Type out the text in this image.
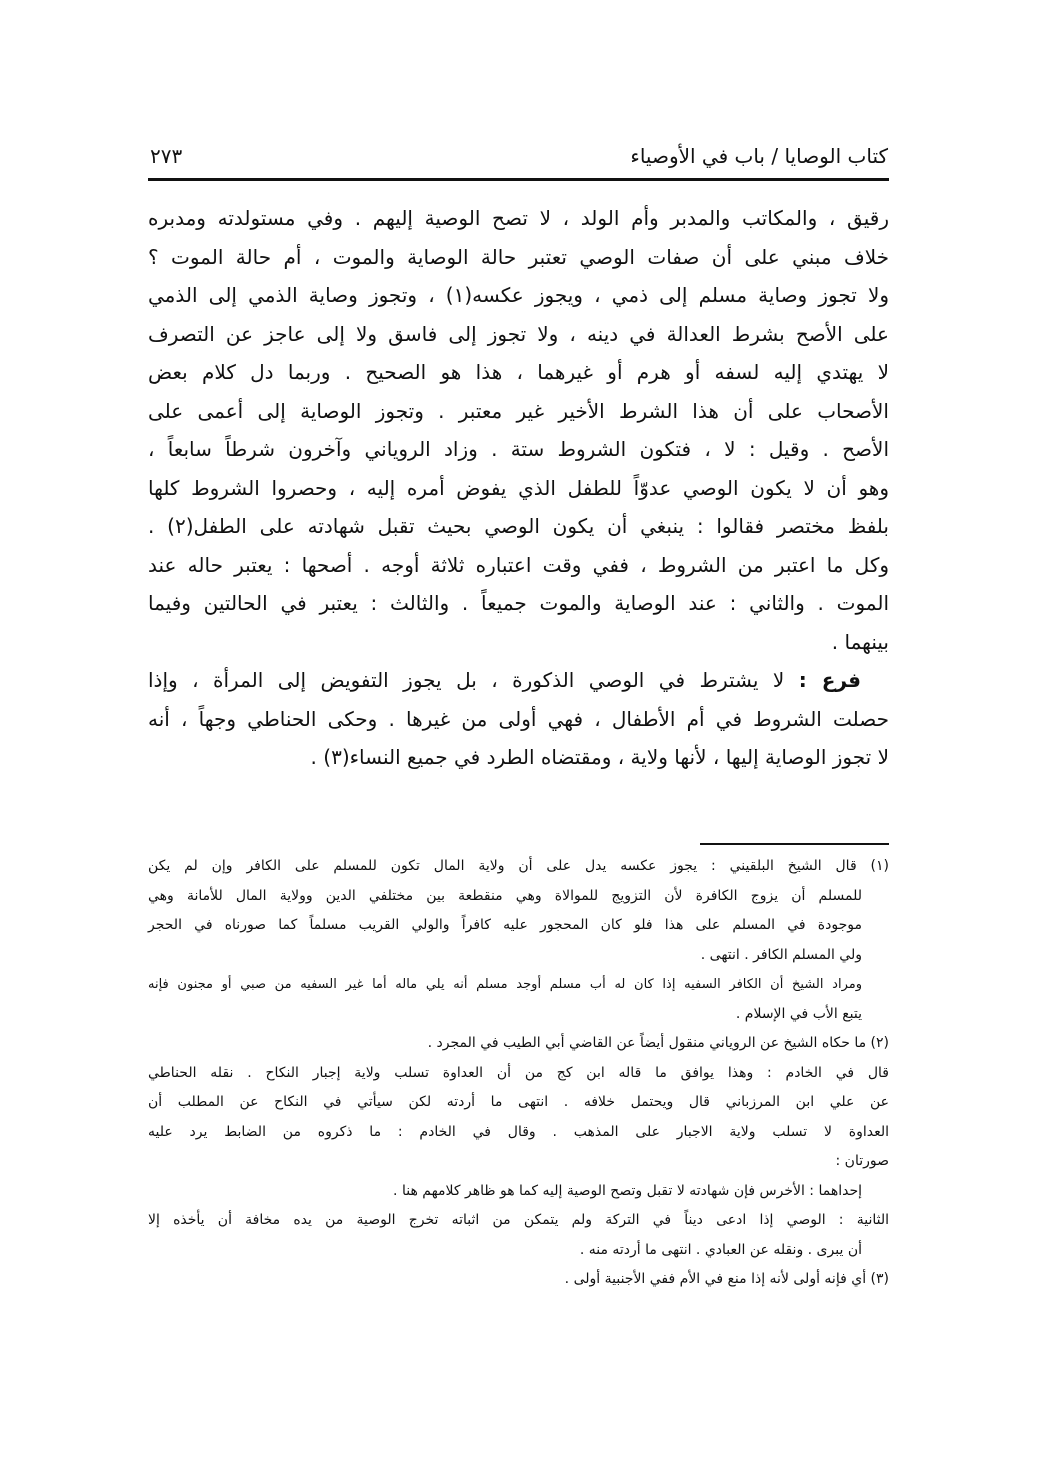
كتاب الوصايا / باب في الأوصياء
٢٧٣
رقيق ، والمكاتب والمدبر وأم الولد ، لا تصح الوصية إليهم . وفي مستولدته ومدبره
خلاف مبني على أن صفات الوصي تعتبر حالة الوصاية والموت ، أم حالة الموت ؟
ولا تجوز وصاية مسلم إلى ذمي ، ويجوز عكسه(١) ، وتجوز وصاية الذمي إلى الذمي
على الأصح بشرط العدالة في دينه ، ولا تجوز إلى فاسق ولا إلى عاجز عن التصرف
لا يهتدي إليه لسفه أو هرم أو غيرهما ، هذا هو الصحيح . وربما دل كلام بعض
الأصحاب على أن هذا الشرط الأخير غير معتبر . وتجوز الوصاية إلى أعمى على
الأصح . وقيل : لا ، فتكون الشروط ستة . وزاد الروياني وآخرون شرطاً سابعاً ،
وهو أن لا يكون الوصي عدوّاً للطفل الذي يفوض أمره إليه ، وحصروا الشروط كلها
بلفظ مختصر فقالوا : ينبغي أن يكون الوصي بحيث تقبل شهادته على الطفل(٢) .
وكل ما اعتبر من الشروط ، ففي وقت اعتباره ثلاثة أوجه . أصحها : يعتبر حاله عند
الموت . والثاني : عند الوصاية والموت جميعاً . والثالث : يعتبر في الحالتين وفيما
بينهما .
فرع : لا يشترط في الوصي الذكورة ، بل يجوز التفويض إلى المرأة ، وإذا
حصلت الشروط في أم الأطفال ، فهي أولى من غيرها . وحكى الحناطي وجهاً ، أنه
لا تجوز الوصاية إليها ، لأنها ولاية ، ومقتضاه الطرد في جميع النساء(٣) .
(١) قال الشيخ البلقيني : يجوز عكسه يدل على أن ولاية المال تكون للمسلم على الكافر وإن لم يكن
للمسلم أن يزوج الكافرة لأن التزويج للموالاة وهي منقطعة بين مختلفي الدين وولاية المال للأمانة وهي
موجودة في المسلم على هذا فلو كان المحجور عليه كافراً والولي القريب مسلماً كما صورناه في الحجر
ولي المسلم الكافر . انتهى .
ومراد الشيخ أن الكافر السفيه إذا كان له أب مسلم أوجد مسلم أنه يلي ماله أما غير السفيه من صبي أو مجنون فإنه
يتبع الأب في الإسلام .
(٢) ما حكاه الشيخ عن الروياني منقول أيضاً عن القاضي أبي الطيب في المجرد .
قال في الخادم : وهذا يوافق ما قاله ابن كج من أن العداوة تسلب ولاية إجبار النكاح . نقله الحناطي
عن علي ابن المرزباني قال ويحتمل خلافه . انتهى ما أردته لكن سيأتي في النكاح عن المطلب أن
العداوة لا تسلب ولاية الاجبار على المذهب . وقال في الخادم : ما ذكروه من الضابط يرد عليه
صورتان :
إحداهما : الأخرس فإن شهادته لا تقبل وتصح الوصية إليه كما هو ظاهر كلامهم هنا .
الثانية : الوصي إذا ادعى ديناً في التركة ولم يتمكن من اثباته تخرج الوصية من يده مخافة أن يأخذه إلا
أن يبرى . ونقله عن العبادي . انتهى ما أردته منه .
(٣) أي فإنه أولى لأنه إذا منع في الأم ففي الأجنبية أولى .
